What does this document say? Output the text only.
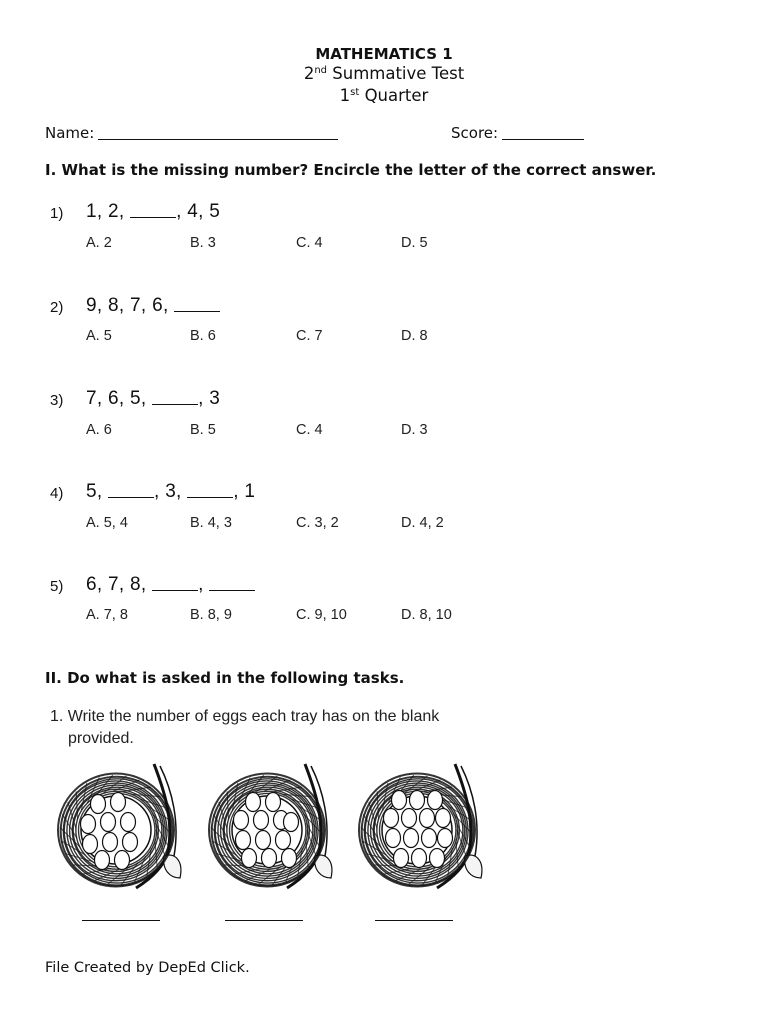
MATHEMATICS 1
2nd Summative Test
1st Quarter
Name:	Score:
I. What is the missing number? Encircle the letter of the correct answer.
1) 1, 2, , 4, 5
A. 2	B. 3	C. 4	D. 5
2) 9, 8, 7, 6,
A. 5	B. 6	C. 7	D. 8
3) 7, 6, 5, , 3
A. 6	B. 5	C. 4	D. 3
4) 5, , 3, , 1
A. 5, 4	B. 4, 3	C. 3, 2	D. 4, 2
5) 6, 7, 8, ,
A. 7, 8	B. 8, 9	C. 9, 10	D. 8, 10
II. Do what is asked in the following tasks.
1. Write the number of eggs each tray has on the blank
provided.
File Created by DepEd Click.
